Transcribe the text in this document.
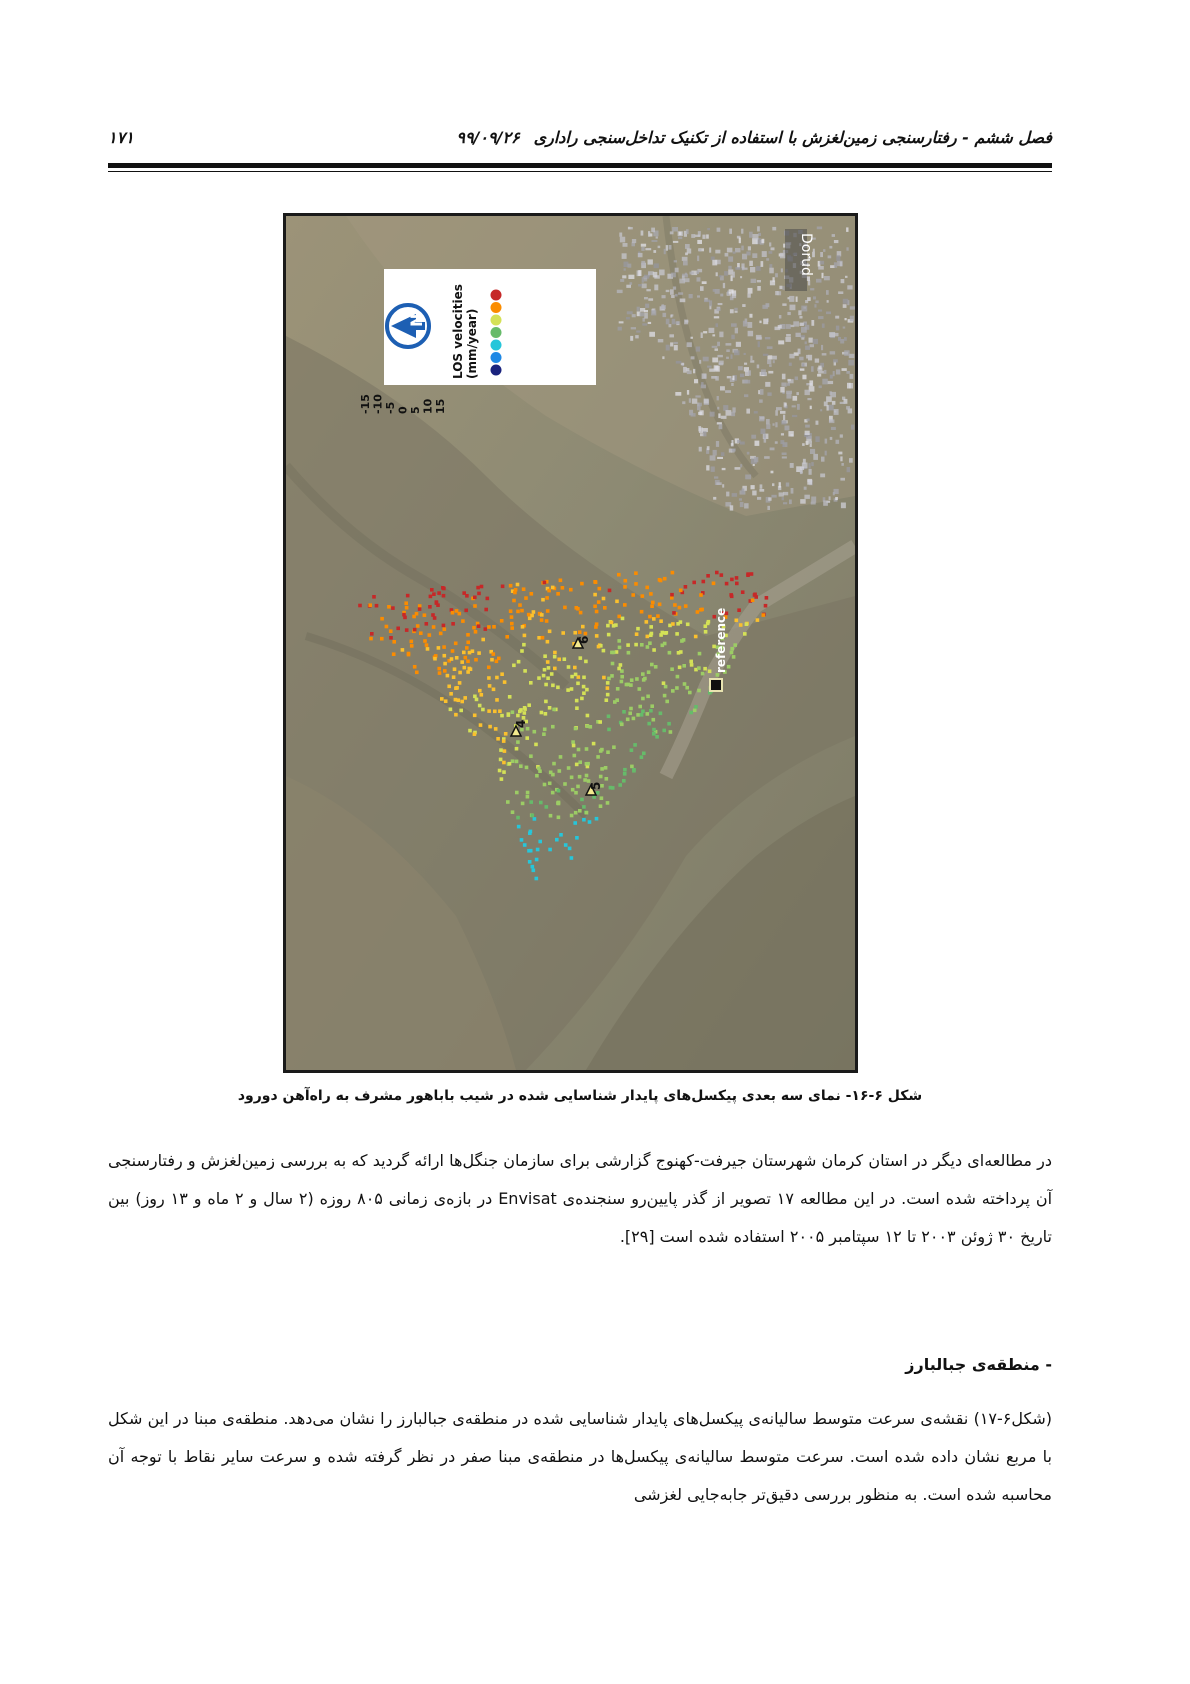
فصل ششم - رفتارسنجی زمین‌لغزش با استفاده از تکنیک تداخل‌سنجی راداری۹۹/۰۹/۲۶
۱۷۱
N LOS velocities (mm/year)
15
10
5
0
-5
-10
-15
Dorud
reference
6
4
5
شکل ۶-۱۶- نمای سه بعدی پیکسل‌های پایدار شناسایی شده در شیب باباهور مشرف به راه‌آهن دورود
در مطالعه‌ای دیگر در استان کرمان شهرستان جیرفت-کهنوج گزارشی برای سازمان جنگل‌ها ارائه گردید که به بررسی زمین‌لغزش و رفتارسنجی آن پرداخته شده است. در این مطالعه ۱۷ تصویر از گذر پایین‌رو سنجنده‌ی Envisat در بازه‌ی زمانی ۸۰۵ روزه (۲ سال و ۲ ماه و ۱۳ روز) بین تاریخ ۳۰ ژوئن ۲۰۰۳ تا ۱۲ سپتامبر ۲۰۰۵ استفاده شده است [۲۹].
- منطقه‌ی جبالبارز
(شکل۶-۱۷) نقشه‌ی سرعت متوسط سالیانه‌ی پیکسل‌های پایدار شناسایی شده در منطقه‌ی جبالبارز را نشان می‌دهد. منطقه‌ی مبنا در این شکل با مربع نشان داده شده است. سرعت متوسط سالیانه‌ی پیکسل‌ها در منطقه‌ی مبنا صفر در نظر گرفته شده و سرعت سایر نقاط با توجه آن محاسبه شده است. به منظور بررسی دقیق‌تر جابه‌جایی لغزشی
